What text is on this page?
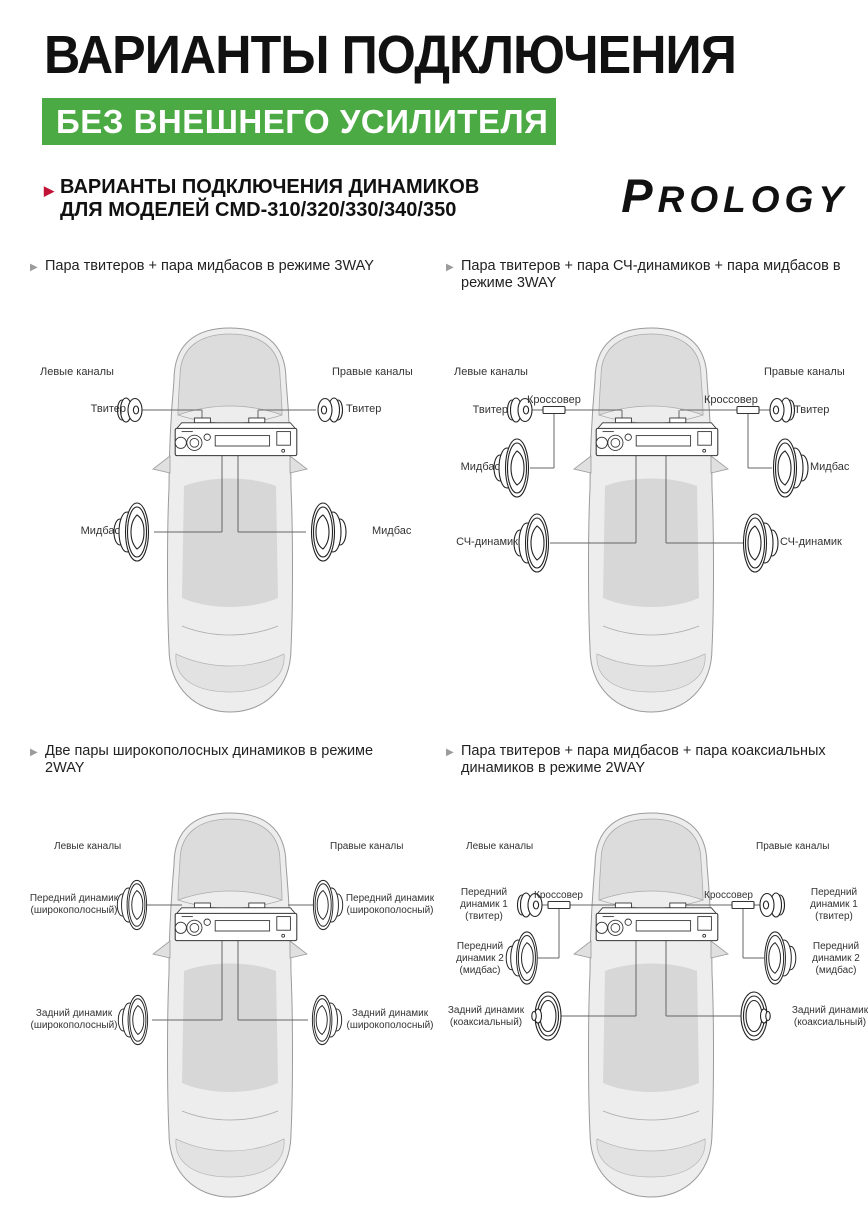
ВАРИАНТЫ ПОДКЛЮЧЕНИЯ
БЕЗ ВНЕШНЕГО УСИЛИТЕЛЯ
▶ ВАРИАНТЫ ПОДКЛЮЧЕНИЯ ДИНАМИКОВ
ДЛЯ МОДЕЛЕЙ CMD-310/320/330/340/350	PROLOGY
▶ Пара твитеров + пара мидбасов в режиме 3WAY
Левые каналы	Правые каналы
Твитер	Твитер
Мидбас	Мидбас
▶ Пара твитеров + пара СЧ-динамиков + пара мидбасов в режиме 3WAY
Левые каналы	Правые каналы
Твитер
Кроссовер
Мидбас
СЧ-динамик
Твитер
Кроссовер
Мидбас
СЧ-динамик
▶ Две пары широкополосных динамиков в режиме 2WAY
Левые каналы	Правые каналы
Передний динамик (широкополосный)
Задний динамик (широкополосный)
Передний динамик (широкополосный)
Задний динамик (широкополосный)
▶ Пара твитеров + пара мидбасов + пара коаксиальных динамиков в режиме 2WAY
Левые каналы	Правые каналы
Передний динамик 1 (твитер)
Кроссовер
Передний динамик 2 (мидбас)
Задний динамик (коаксиальный)
Передний динамик 1 (твитер)
Кроссовер
Передний динамик 2 (мидбас)
Задний динамик (коаксиальный)
